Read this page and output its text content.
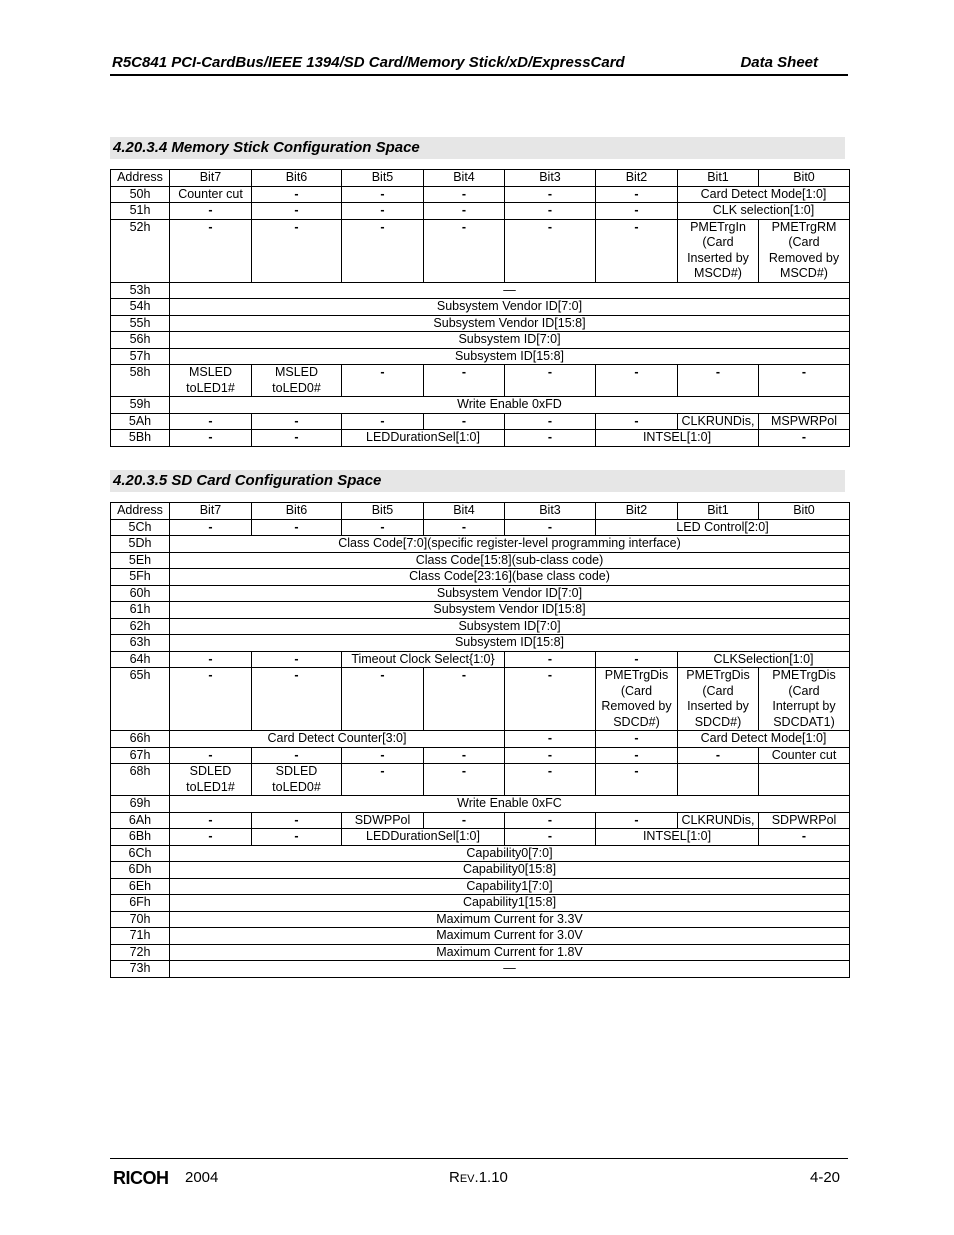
R5C841 PCI-CardBus/IEEE 1394/SD Card/Memory Stick/xD/ExpressCard	Data Sheet
4.20.3.4 Memory Stick Configuration Space
Address	Bit7	Bit6	Bit5	Bit4	Bit3	Bit2	Bit1	Bit0
50h	Counter cut	-	-	-	-	-	Card Detect Mode[1:0]	
51h	-	-	-	-	-	-	CLK selection[1:0]	
52h	-	-	-	-	-	-	PMETrgIn
(Card
Inserted by
MSCD#)	PMETrgRM
(Card
Removed by
MSCD#)
53h	—							
54h	Subsystem Vendor ID[7:0]							
55h	Subsystem Vendor ID[15:8]							
56h	Subsystem ID[7:0]							
57h	Subsystem ID[15:8]							
58h	MSLED
toLED1#	MSLED
toLED0#	-	-	-	-	-	-
59h	Write Enable 0xFD							
5Ah	-	-	-	-	-	-	CLKRUNDis,	MSPWRPol
5Bh	-	-	LEDDurationSel[1:0]		-	INTSEL[1:0]		-
4.20.3.5 SD Card Configuration Space
Address	Bit7	Bit6	Bit5	Bit4	Bit3	Bit2	Bit1	Bit0
5Ch	-	-	-	-	-	LED Control[2:0]		
5Dh	Class Code[7:0](specific register-level programming interface)							
5Eh	Class Code[15:8](sub-class code)							
5Fh	Class Code[23:16](base class code)							
60h	Subsystem Vendor ID[7:0]							
61h	Subsystem Vendor ID[15:8]							
62h	Subsystem ID[7:0]							
63h	Subsystem ID[15:8]							
64h	-	-	Timeout Clock Select{1:0}		-	-	CLKSelection[1:0]	
65h	-	-	-	-	-	PMETrgDis
(Card
Removed by
SDCD#)	PMETrgDis
(Card
Inserted by
SDCD#)	PMETrgDis
(Card
Interrupt by
SDCDAT1)
66h	Card Detect Counter[3:0]				-	-	Card Detect Mode[1:0]	
67h	-	-	-	-	-	-	-	Counter cut
68h	SDLED
toLED1#	SDLED
toLED0#	-	-	-	-		
69h	Write Enable 0xFC							
6Ah	-	-	SDWPPol	-	-	-	CLKRUNDis,	SDPWRPol
6Bh	-	-	LEDDurationSel[1:0]		-	INTSEL[1:0]		-
6Ch	Capability0[7:0]							
6Dh	Capability0[15:8]							
6Eh	Capability1[7:0]							
6Fh	Capability1[15:8]							
70h	Maximum Current for 3.3V							
71h	Maximum Current for 3.0V							
72h	Maximum Current for 1.8V							
73h	—							
RICOH 2004	REV.1.10	4-20
